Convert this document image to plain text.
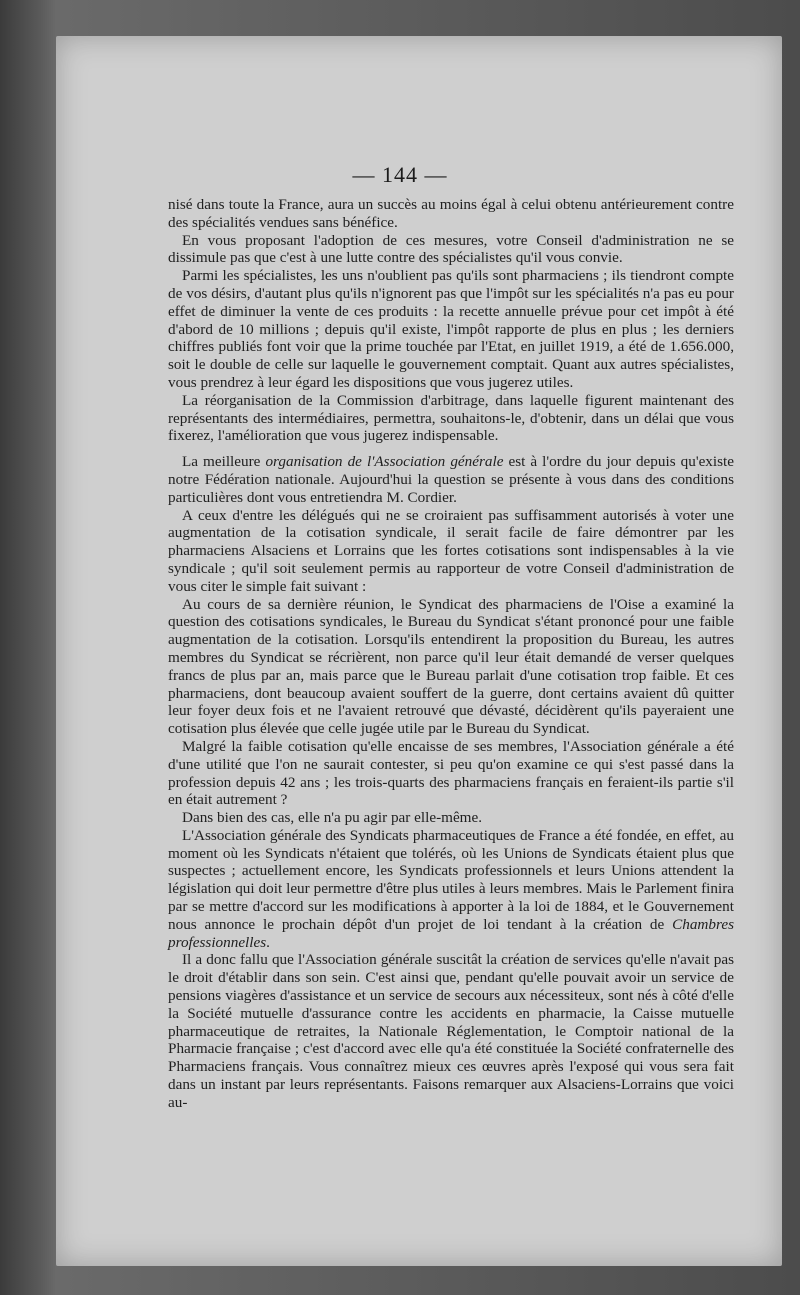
— 144 —

nisé dans toute la France, aura un succès au moins égal à celui obtenu antérieurement contre des spécialités vendues sans bénéfice.

En vous proposant l'adoption de ces mesures, votre Conseil d'administration ne se dissimule pas que c'est à une lutte contre des spécialistes qu'il vous convie.

Parmi les spécialistes, les uns n'oublient pas qu'ils sont pharmaciens ; ils tiendront compte de vos désirs, d'autant plus qu'ils n'ignorent pas que l'impôt sur les spécialités n'a pas eu pour effet de diminuer la vente de ces produits : la recette annuelle prévue pour cet impôt à été d'abord de 10 millions ; depuis qu'il existe, l'impôt rapporte de plus en plus ; les derniers chiffres publiés font voir que la prime touchée par l'Etat, en juillet 1919, a été de 1.656.000, soit le double de celle sur laquelle le gouvernement comptait. Quant aux autres spécialistes, vous prendrez à leur égard les dispositions que vous jugerez utiles.

La réorganisation de la Commission d'arbitrage, dans laquelle figurent maintenant des représentants des intermédiaires, permettra, souhaitons-le, d'obtenir, dans un délai que vous fixerez, l'amélioration que vous jugerez indispensable.

La meilleure organisation de l'Association générale est à l'ordre du jour depuis qu'existe notre Fédération nationale. Aujourd'hui la question se présente à vous dans des conditions particulières dont vous entretiendra M. Cordier.

A ceux d'entre les délégués qui ne se croiraient pas suffisamment autorisés à voter une augmentation de la cotisation syndicale, il serait facile de faire démontrer par les pharmaciens Alsaciens et Lorrains que les fortes cotisations sont indispensables à la vie syndicale ; qu'il soit seulement permis au rapporteur de votre Conseil d'administration de vous citer le simple fait suivant :

Au cours de sa dernière réunion, le Syndicat des pharmaciens de l'Oise a examiné la question des cotisations syndicales, le Bureau du Syndicat s'étant prononcé pour une faible augmentation de la cotisation. Lorsqu'ils entendirent la proposition du Bureau, les autres membres du Syndicat se récrièrent, non parce qu'il leur était demandé de verser quelques francs de plus par an, mais parce que le Bureau parlait d'une cotisation trop faible. Et ces pharmaciens, dont beaucoup avaient souffert de la guerre, dont certains avaient dû quitter leur foyer deux fois et ne l'avaient retrouvé que dévasté, décidèrent qu'ils payeraient une cotisation plus élevée que celle jugée utile par le Bureau du Syndicat.

Malgré la faible cotisation qu'elle encaisse de ses membres, l'Association générale a été d'une utilité que l'on ne saurait contester, si peu qu'on examine ce qui s'est passé dans la profession depuis 42 ans ; les trois-quarts des pharmaciens français en feraient-ils partie s'il en était autrement ?

Dans bien des cas, elle n'a pu agir par elle-même.

L'Association générale des Syndicats pharmaceutiques de France a été fondée, en effet, au moment où les Syndicats n'étaient que tolérés, où les Unions de Syndicats étaient plus que suspectes ; actuellement encore, les Syndicats professionnels et leurs Unions attendent la législation qui doit leur permettre d'être plus utiles à leurs membres. Mais le Parlement finira par se mettre d'accord sur les modifications à apporter à la loi de 1884, et le Gouvernement nous annonce le prochain dépôt d'un projet de loi tendant à la création de Chambres professionnelles.

Il a donc fallu que l'Association générale suscitât la création de services qu'elle n'avait pas le droit d'établir dans son sein. C'est ainsi que, pendant qu'elle pouvait avoir un service de pensions viagères d'assistance et un service de secours aux nécessiteux, sont nés à côté d'elle la Société mutuelle d'assurance contre les accidents en pharmacie, la Caisse mutuelle pharmaceutique de retraites, la Nationale Réglementation, le Comptoir national de la Pharmacie française ; c'est d'accord avec elle qu'a été constituée la Société confraternelle des Pharmaciens français. Vous connaîtrez mieux ces œuvres après l'exposé qui vous sera fait dans un instant par leurs représentants. Faisons remarquer aux Alsaciens-Lorrains que voici au-
